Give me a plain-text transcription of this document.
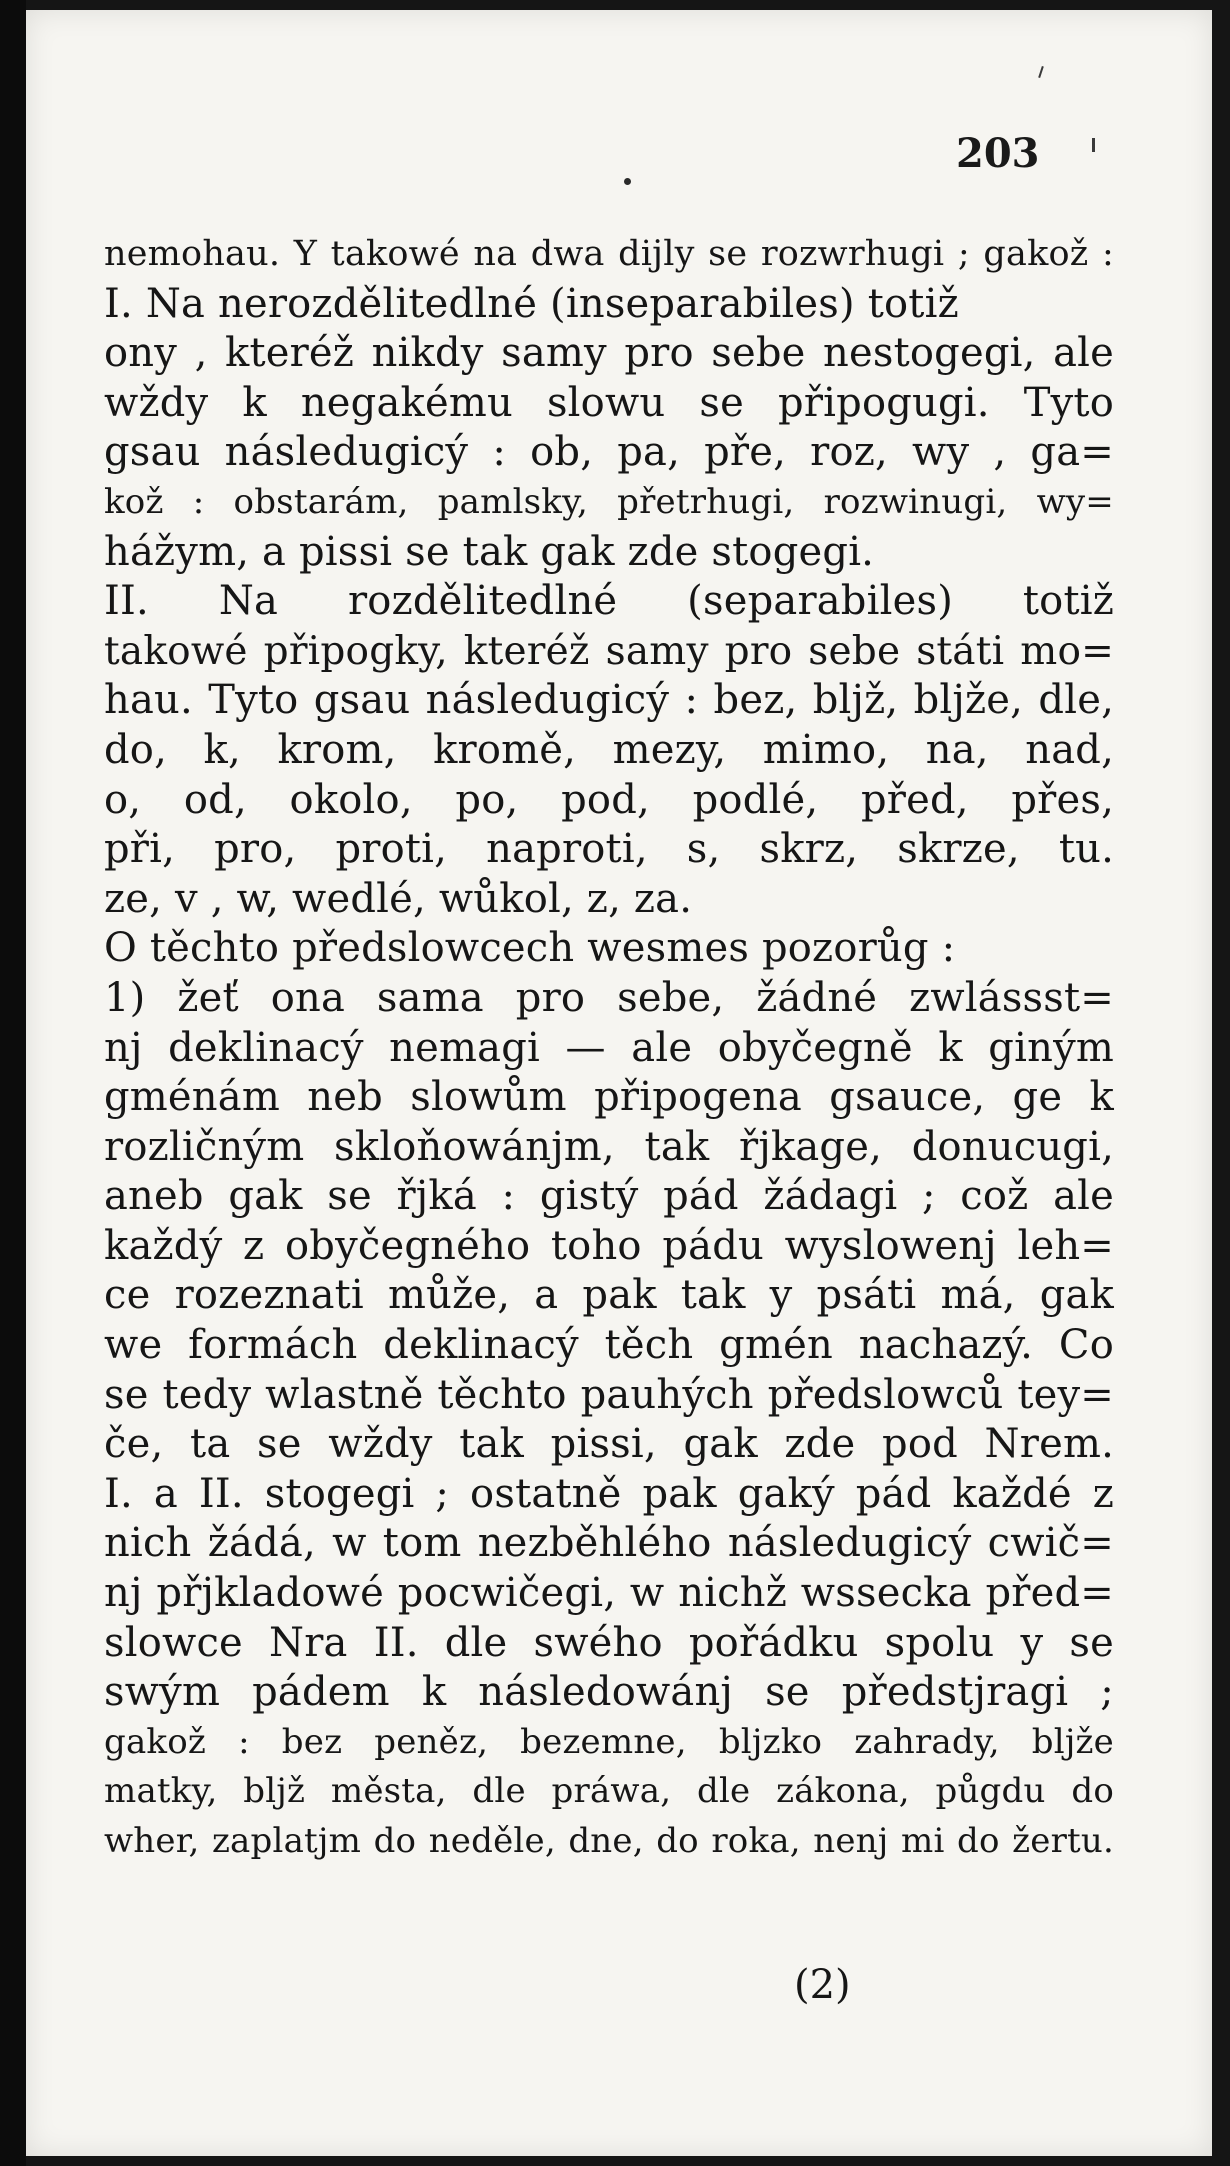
203
nemohau. Y takowé na dwa dijly se rozwrhugi ; gakož :
I. Na nerozdělitedlné (inseparabiles) totiž
ony , kteréž nikdy samy pro sebe nestogegi, ale
wždy k negakému slowu se připogugi. Tyto
gsau následugicý : ob, pa, pře, roz, wy , ga=
kož : obstarám, pamlsky, přetrhugi, rozwinugi, wy=
hážym, a pissi se tak gak zde stogegi.
II. Na rozdělitedlné (separabiles) totiž
takowé připogky, kteréž samy pro sebe státi mo=
hau. Tyto gsau následugicý : bez, bljž, bljže, dle,
do, k, krom, kromě, mezy, mimo, na, nad,
o, od, okolo, po, pod, podlé, před, přes,
při, pro, proti, naproti, s, skrz, skrze, tu.
ze, v , w, wedlé, wůkol, z, za.
O těchto předslowcech wesmes pozorůg :
1) žeť ona sama pro sebe, žádné zwlássst=
nj deklinacý nemagi — ale obyčegně k giným
gménám neb slowům připogena gsauce, ge k
rozličným skloňowánjm, tak řjkage, donucugi,
aneb gak se řjká : gistý pád žádagi ; což ale
každý z obyčegného toho pádu wyslowenj leh=
ce rozeznati může, a pak tak y psáti má, gak
we formách deklinacý těch gmén nachazý. Co
se tedy wlastně těchto pauhých předslowců tey=
če, ta se wždy tak pissi, gak zde pod Nrem.
I. a II. stogegi ; ostatně pak gaký pád každé z
nich žádá, w tom nezběhlého následugicý cwič=
nj přjkladowé pocwičegi, w nichž wssecka před=
slowce Nra II. dle swého pořádku spolu y se
swým pádem k následowánj se předstjragi ;
gakož : bez peněz, bezemne, bljzko zahrady, bljže
matky, bljž města, dle práwa, dle zákona, půgdu do
wher, zaplatjm do neděle, dne, do roka, nenj mi do žertu.
(2)
